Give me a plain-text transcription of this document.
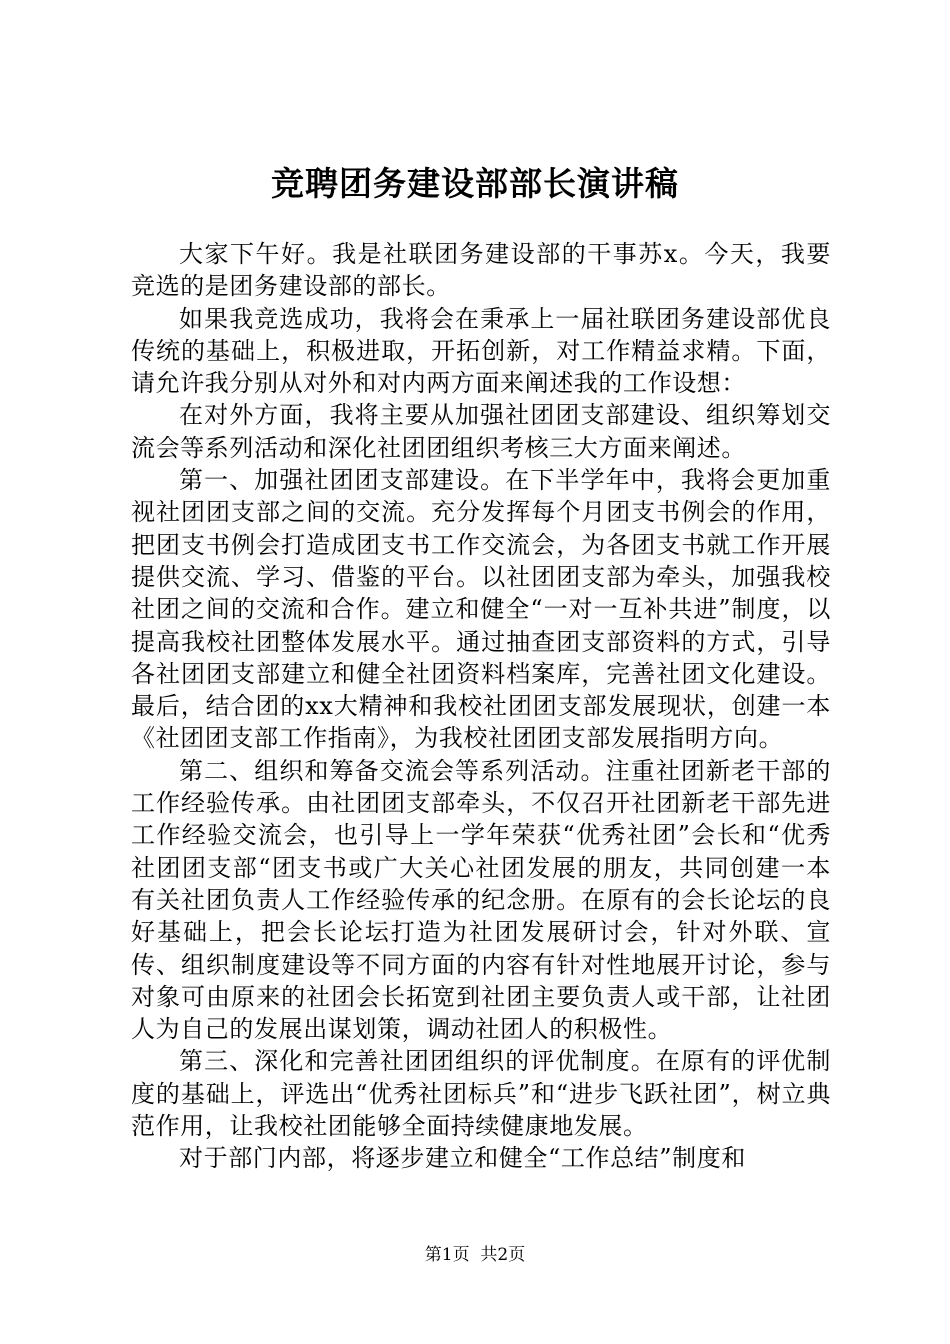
竞聘团务建设部部长演讲稿

大家下午好。我是社联团务建设部的干事苏x。今天，我要竞选的是团务建设部的部长。

如果我竞选成功，我将会在秉承上一届社联团务建设部优良传统的基础上，积极进取，开拓创新，对工作精益求精。下面，请允许我分别从对外和对内两方面来阐述我的工作设想：

在对外方面，我将主要从加强社团团支部建设、组织筹划交流会等系列活动和深化社团团组织考核三大方面来阐述。

第一、加强社团团支部建设。在下半学年中，我将会更加重视社团团支部之间的交流。充分发挥每个月团支书例会的作用，把团支书例会打造成团支书工作交流会，为各团支书就工作开展提供交流、学习、借鉴的平台。以社团团支部为牵头，加强我校社团之间的交流和合作。建立和健全“一对一互补共进”制度，以提高我校社团整体发展水平。通过抽查团支部资料的方式，引导各社团团支部建立和健全社团资料档案库，完善社团文化建设。最后，结合团的xx大精神和我校社团团支部发展现状，创建一本《社团团支部工作指南》，为我校社团团支部发展指明方向。

第二、组织和筹备交流会等系列活动。注重社团新老干部的工作经验传承。由社团团支部牵头，不仅召开社团新老干部先进工作经验交流会，也引导上一学年荣获“优秀社团”会长和“优秀社团团支部“团支书或广大关心社团发展的朋友，共同创建一本有关社团负责人工作经验传承的纪念册。在原有的会长论坛的良好基础上，把会长论坛打造为社团发展研讨会，针对外联、宣传、组织制度建设等不同方面的内容有针对性地展开讨论，参与对象可由原来的社团会长拓宽到社团主要负责人或干部，让社团人为自己的发展出谋划策，调动社团人的积极性。

第三、深化和完善社团团组织的评优制度。在原有的评优制度的基础上，评选出“优秀社团标兵”和“进步飞跃社团”，树立典范作用，让我校社团能够全面持续健康地发展。

对于部门内部，将逐步建立和健全“工作总结”制度和

第1页 共2页
